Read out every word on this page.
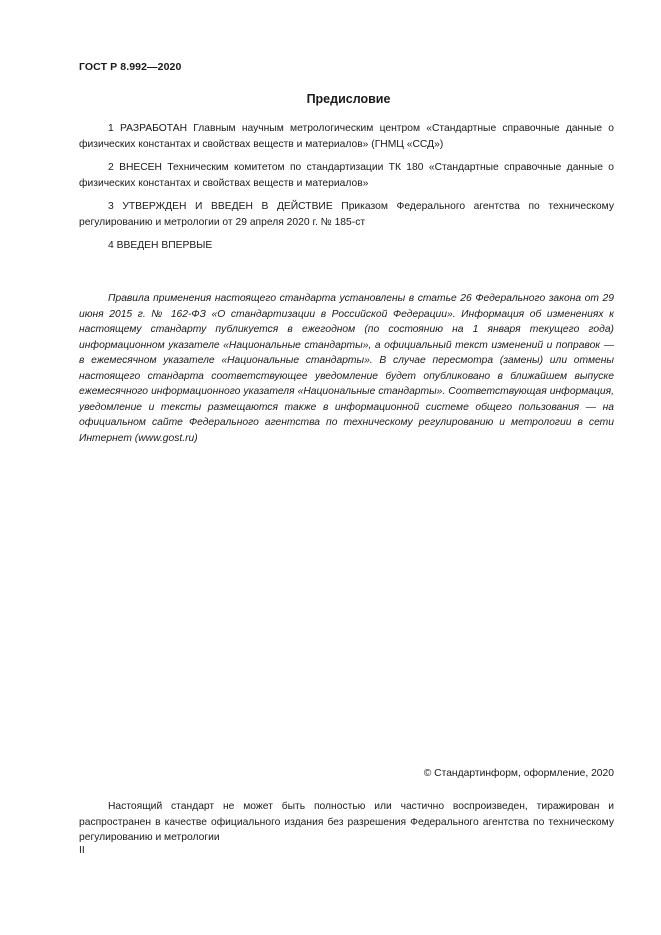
ГОСТ Р 8.992—2020
Предисловие

1 РАЗРАБОТАН Главным научным метрологическим центром «Стандартные справочные данные о физических константах и свойствах веществ и материалов» (ГНМЦ «ССД»)

2 ВНЕСЕН Техническим комитетом по стандартизации ТК 180 «Стандартные справочные данные о физических константах и свойствах веществ и материалов»

3 УТВЕРЖДЕН И ВВЕДЕН В ДЕЙСТВИЕ Приказом Федерального агентства по техническому регулированию и метрологии от 29 апреля 2020 г. № 185-ст

4 ВВЕДЕН ВПЕРВЫЕ

Правила применения настоящего стандарта установлены в статье 26 Федерального закона от 29 июня 2015 г. № 162-ФЗ «О стандартизации в Российской Федерации». Информация об изменениях к настоящему стандарту публикуется в ежегодном (по состоянию на 1 января текущего года) информационном указателе «Национальные стандарты», а официальный текст изменений и поправок — в ежемесячном указателе «Национальные стандарты». В случае пересмотра (замены) или отмены настоящего стандарта соответствующее уведомление будет опубликовано в ближайшем выпуске ежемесячного информационного указателя «Национальные стандарты». Соответствующая информация, уведомление и тексты размещаются также в информационной системе общего пользования — на официальном сайте Федерального агентства по техническому регулированию и метрологии в сети Интернет (www.gost.ru)

© Стандартинформ, оформление, 2020

Настоящий стандарт не может быть полностью или частично воспроизведен, тиражирован и распространен в качестве официального издания без разрешения Федерального агентства по техническому регулированию и метрологии

II
